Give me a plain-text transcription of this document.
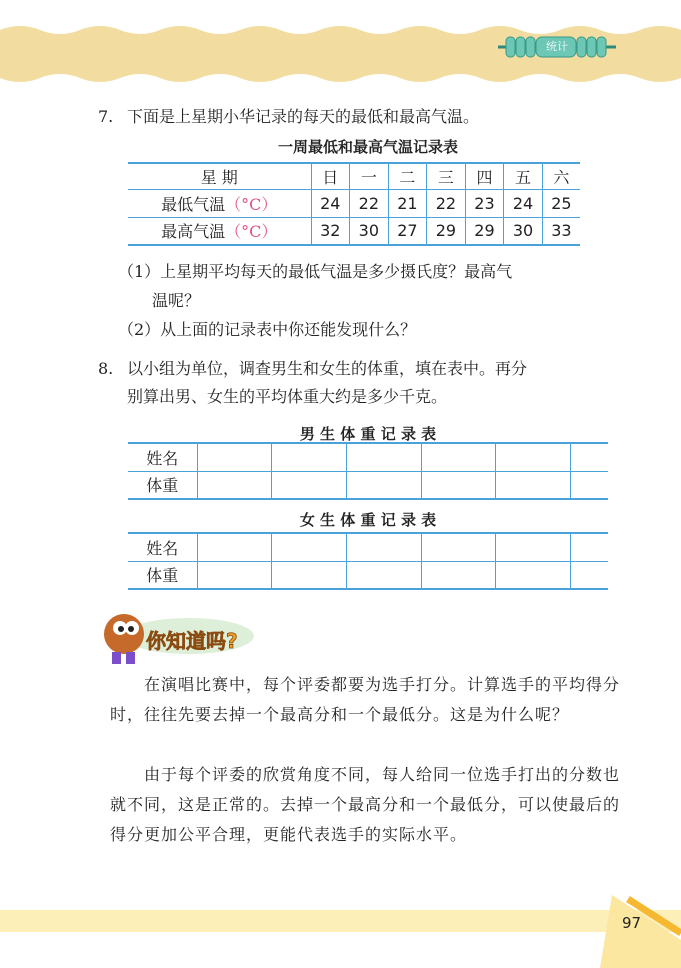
统计
7. 下面是上星期小华记录的每天的最低和最高气温。
一周最低和最高气温记录表
星 期	日	一	二	三	四	五	六
最低气温（°C）	24	22	21	22	23	24	25
最高气温（°C）	32	30	27	29	29	30	33
（1）上星期平均每天的最低气温是多少摄氏度？最高气
温呢？
（2）从上面的记录表中你还能发现什么？
8. 以小组为单位，调查男生和女生的体重，填在表中。再分
别算出男、女生的平均体重大约是多少千克。
男 生 体 重 记 录 表
姓名						
体重						
女 生 体 重 记 录 表
姓名						
体重						
你知道吗?
在演唱比赛中，每个评委都要为选手打分。计算选手的平均得分时，往往先要去掉一个最高分和一个最低分。这是为什么呢？
由于每个评委的欣赏角度不同，每人给同一位选手打出的分数也就不同，这是正常的。去掉一个最高分和一个最低分，可以使最后的得分更加公平合理，更能代表选手的实际水平。
97
